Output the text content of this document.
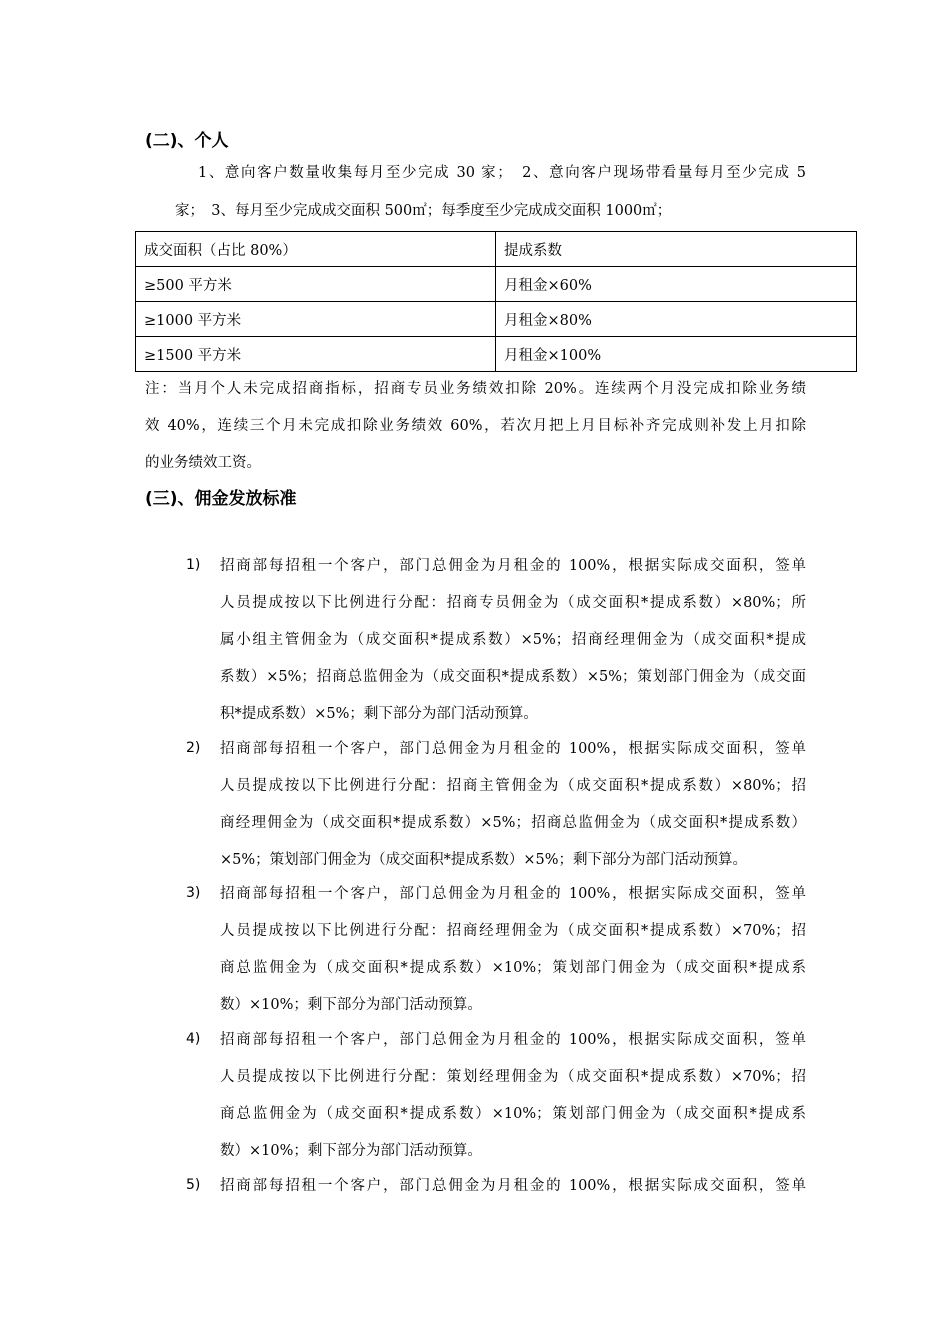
(二)、个人
1、意向客户数量收集每月至少完成 30 家；　2、意向客户现场带看量每月至少完成 5
家；　3、每月至少完成成交面积 500㎡；每季度至少完成成交面积 1000㎡；
成交面积（占比 80%）	提成系数
≥500 平方米	月租金×60%
≥1000 平方米	月租金×80%
≥1500 平方米	月租金×100%
注：当月个人未完成招商指标，招商专员业务绩效扣除 20%。连续两个月没完成扣除业务绩
效 40%，连续三个月未完成扣除业务绩效 60%，若次月把上月目标补齐完成则补发上月扣除
的业务绩效工资。
(三)、佣金发放标准
1) 招商部每招租一个客户，部门总佣金为月租金的 100%，根据实际成交面积，签单
人员提成按以下比例进行分配：招商专员佣金为（成交面积*提成系数）×80%；所
属小组主管佣金为（成交面积*提成系数）×5%；招商经理佣金为（成交面积*提成
系数）×5%；招商总监佣金为（成交面积*提成系数）×5%；策划部门佣金为（成交面
积*提成系数）×5%；剩下部分为部门活动预算。
2) 招商部每招租一个客户，部门总佣金为月租金的 100%，根据实际成交面积，签单
人员提成按以下比例进行分配：招商主管佣金为（成交面积*提成系数）×80%；招
商经理佣金为（成交面积*提成系数）×5%；招商总监佣金为（成交面积*提成系数）
×5%；策划部门佣金为（成交面积*提成系数）×5%；剩下部分为部门活动预算。
3) 招商部每招租一个客户，部门总佣金为月租金的 100%，根据实际成交面积，签单
人员提成按以下比例进行分配：招商经理佣金为（成交面积*提成系数）×70%；招
商总监佣金为（成交面积*提成系数）×10%；策划部门佣金为（成交面积*提成系
数）×10%；剩下部分为部门活动预算。
4) 招商部每招租一个客户，部门总佣金为月租金的 100%，根据实际成交面积，签单
人员提成按以下比例进行分配：策划经理佣金为（成交面积*提成系数）×70%；招
商总监佣金为（成交面积*提成系数）×10%；策划部门佣金为（成交面积*提成系
数）×10%；剩下部分为部门活动预算。
5) 招商部每招租一个客户，部门总佣金为月租金的 100%，根据实际成交面积，签单
